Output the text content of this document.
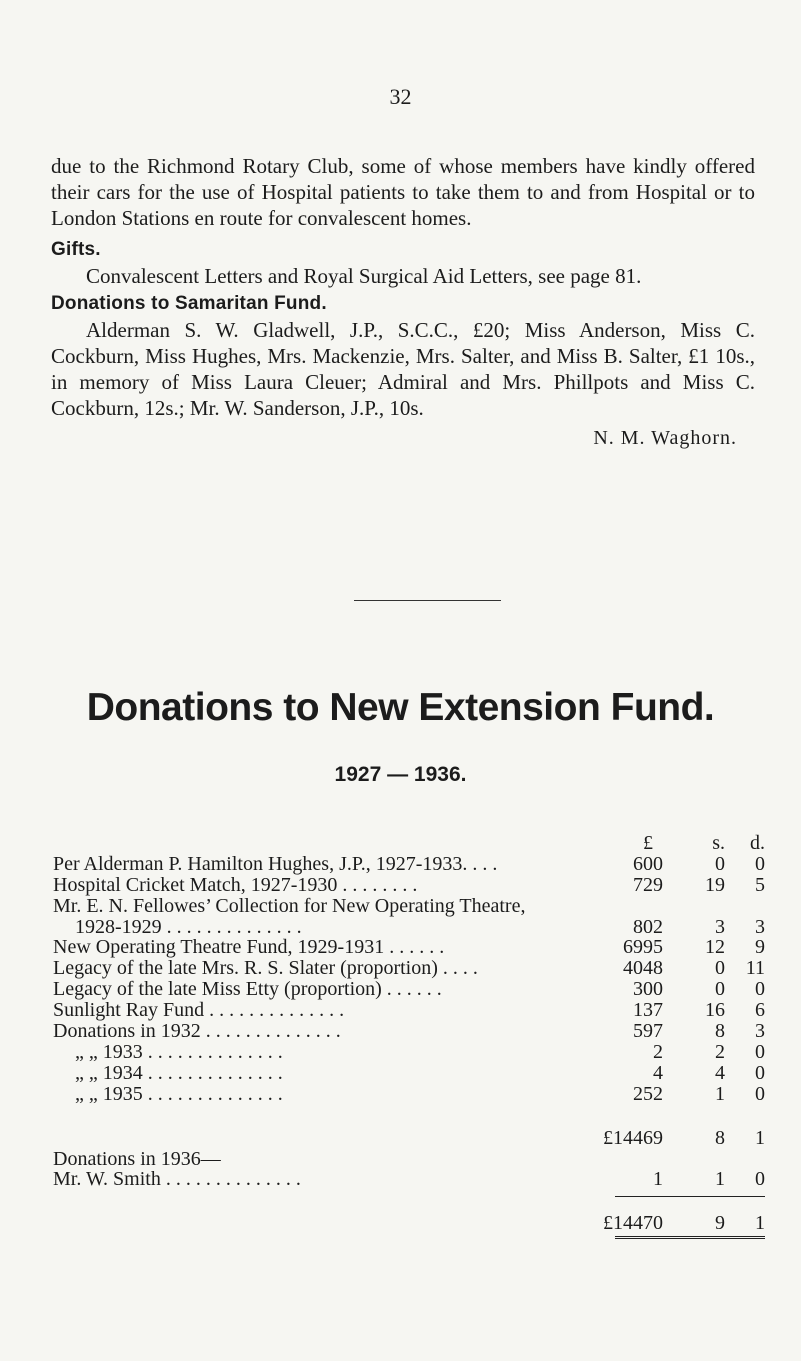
32

due to the Richmond Rotary Club, some of whose members have kindly offered their cars for the use of Hospital patients to take them to and from Hospital or to London Stations en route for convalescent homes.

Gifts.

Convalescent Letters and Royal Surgical Aid Letters, see page 81.

Donations to Samaritan Fund.

Alderman S. W. Gladwell, J.P., S.C.C., £20; Miss Anderson, Miss C. Cockburn, Miss Hughes, Mrs. Mackenzie, Mrs. Salter, and Miss B. Salter, £1 10s., in memory of Miss Laura Cleuer; Admiral and Mrs. Phillpots and Miss C. Cockburn, 12s.; Mr. W. Sanderson, J.P., 10s.

N. M. Waghorn.

Donations to New Extension Fund.
1927 — 1936.
£	s.	d.
Per Alderman P. Hamilton Hughes, J.P., 1927-1933. . . .	600	0	0
Hospital Cricket Match, 1927-1930 . . . . . . . .	729	19	5
Mr. E. N. Fellowes’ Collection for New Operating Theatre,
1928-1929 . . . . . . . . . . . . . .	802	3	3
New Operating Theatre Fund, 1929-1931 . . . . . .	6995	12	9
Legacy of the late Mrs. R. S. Slater (proportion) . . . .	4048	0	11
Legacy of the late Miss Etty (proportion) . . . . . .	300	0	0
Sunlight Ray Fund . . . . . . . . . . . . . .	137	16	6
Donations in 1932 . . . . . . . . . . . . . .	597	8	3
„ „ 1933 . . . . . . . . . . . . . .	2	2	0
„ „ 1934 . . . . . . . . . . . . . .	4	4	0
„ „ 1935 . . . . . . . . . . . . . .	252	1	0
£14469	8	1
Donations in 1936—
Mr. W. Smith . . . . . . . . . . . . . .	1	1	0
£14470	9	1
